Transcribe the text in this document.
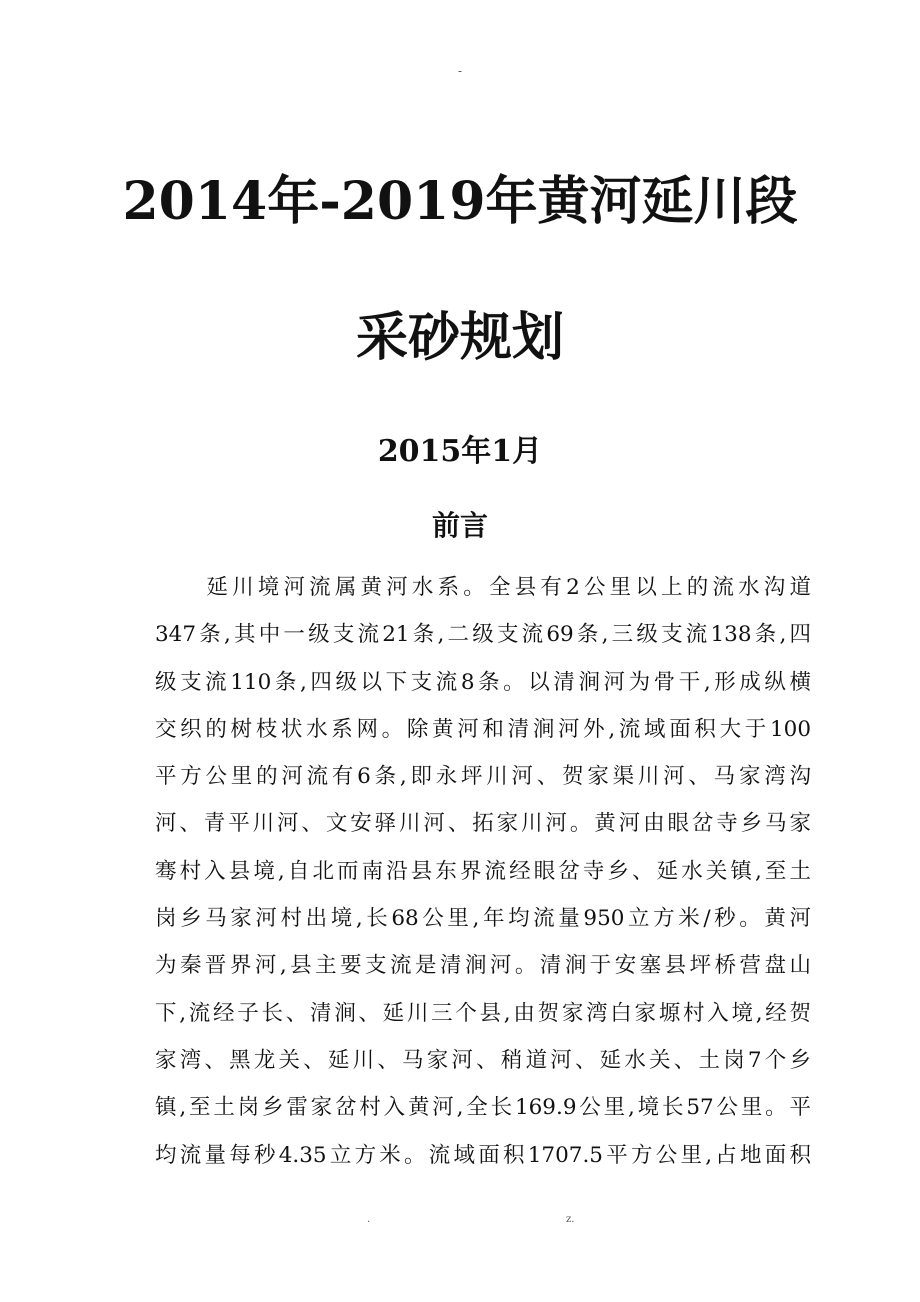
-
2014年-2019年黄河延川段
采砂规划
2015年1月
前言
　　延川境河流属黄河水系。全县有2公里以上的流水沟道
347条,其中一级支流21条,二级支流69条,三级支流138条,四
级支流110条,四级以下支流8条。以清涧河为骨干,形成纵横
交织的树枝状水系网。除黄河和清涧河外,流域面积大于100
平方公里的河流有6条,即永坪川河、贺家渠川河、马家湾沟
河、青平川河、文安驿川河、拓家川河。黄河由眼岔寺乡马家
骞村入县境,自北而南沿县东界流经眼岔寺乡、延水关镇,至土
岗乡马家河村出境,长68公里,年均流量950立方米/秒。黄河
为秦晋界河,县主要支流是清涧河。清涧于安塞县坪桥营盘山
下,流经子长、清涧、延川三个县,由贺家湾白家塬村入境,经贺
家湾、黑龙关、延川、马家河、稍道河、延水关、土岗7个乡
镇,至土岗乡雷家岔村入黄河,全长169.9公里,境长57公里。平
均流量每秒4.35立方米。流域面积1707.5平方公里,占地面积
.	z.
